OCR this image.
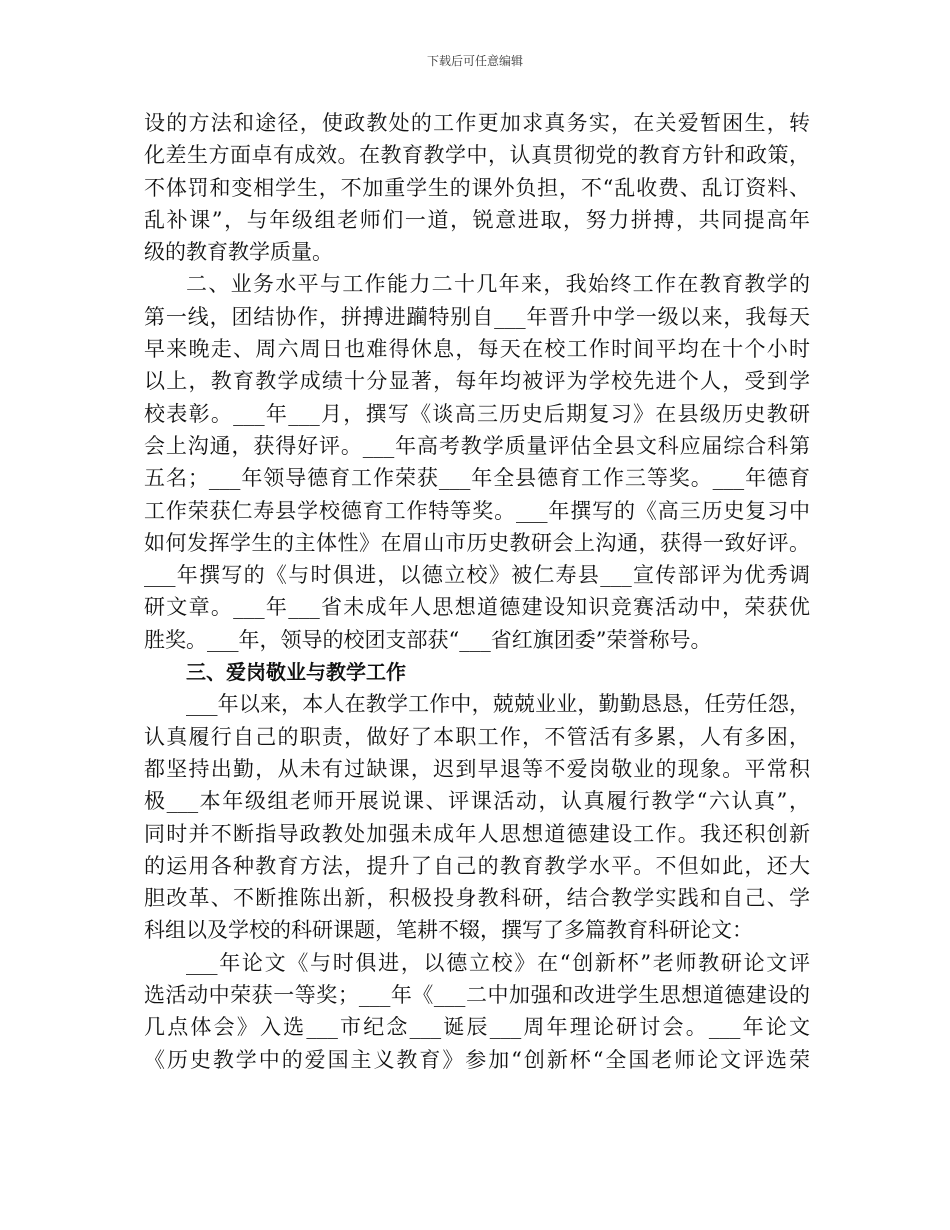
下载后可任意编辑
设的方法和途径，使政教处的工作更加求真务实，在关爱暂困生，转
化差生方面卓有成效。在教育教学中，认真贯彻党的教育方针和政策，
不体罚和变相学生，不加重学生的课外负担，不“乱收费、乱订资料、
乱补课”，与年级组老师们一道，锐意进取，努力拼搏，共同提高年
级的教育教学质量。
二、业务水平与工作能力二十几年来，我始终工作在教育教学的
第一线，团结协作，拼搏进躏特别自___年晋升中学一级以来，我每天
早来晚走、周六周日也难得休息，每天在校工作时间平均在十个小时
以上，教育教学成绩十分显著，每年均被评为学校先进个人，受到学
校表彰。___年___月，撰写《谈高三历史后期复习》在县级历史教研
会上沟通，获得好评。___年高考教学质量评估全县文科应届综合科第
五名；___年领导德育工作荣获___年全县德育工作三等奖。___年德育
工作荣获仁寿县学校德育工作特等奖。___年撰写的《高三历史复习中
如何发挥学生的主体性》在眉山市历史教研会上沟通，获得一致好评。
___年撰写的《与时俱进，以德立校》被仁寿县___宣传部评为优秀调
研文章。___年___省未成年人思想道德建设知识竞赛活动中，荣获优
胜奖。___年，领导的校团支部获“___省红旗团委”荣誉称号。
三、爱岗敬业与教学工作
___年以来，本人在教学工作中，兢兢业业，勤勤恳恳，任劳任怨，
认真履行自己的职责，做好了本职工作，不管活有多累，人有多困，
都坚持出勤，从未有过缺课，迟到早退等不爱岗敬业的现象。平常积
极___本年级组老师开展说课、评课活动，认真履行教学“六认真”，
同时并不断指导政教处加强未成年人思想道德建设工作。我还积创新
的运用各种教育方法，提升了自己的教育教学水平。不但如此，还大
胆改革、不断推陈出新，积极投身教科研，结合教学实践和自己、学
科组以及学校的科研课题，笔耕不辍，撰写了多篇教育科研论文：
___年论文《与时俱进，以德立校》在“创新杯”老师教研论文评
选活动中荣获一等奖；___年《___二中加强和改进学生思想道德建设的
几点体会》入选___市纪念___诞辰___周年理论研讨会。___年论文
《历史教学中的爱国主义教育》参加“创新杯“全国老师论文评选荣
